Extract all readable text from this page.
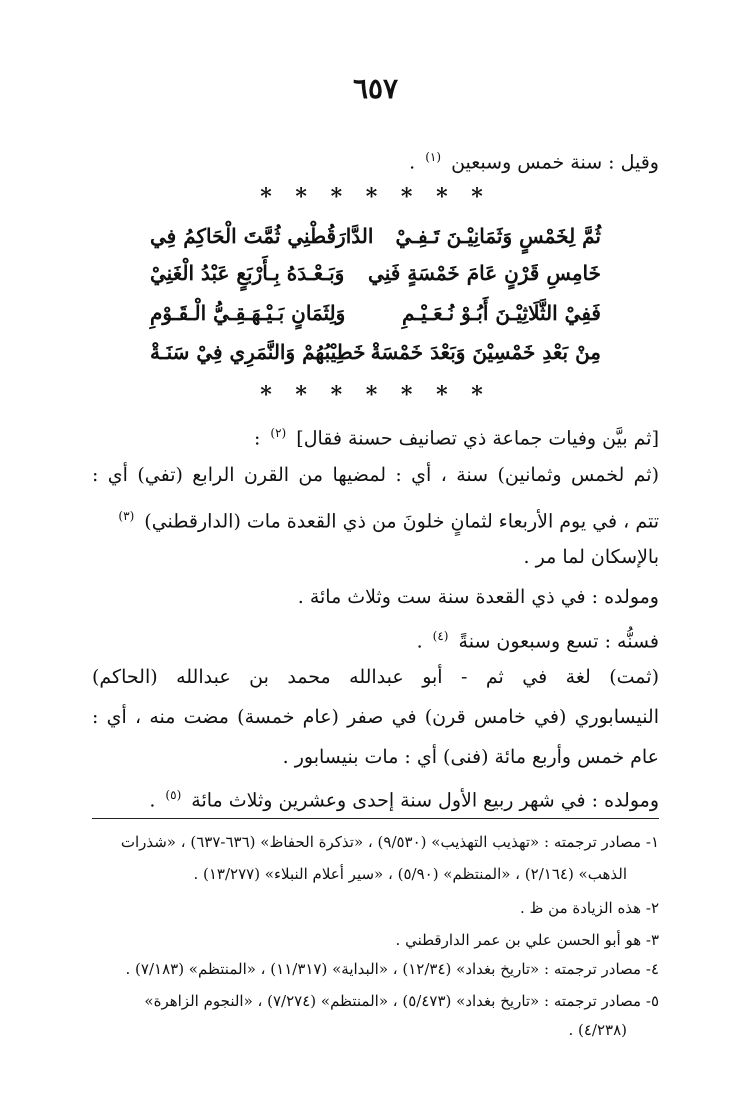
٦٥٧
وقيل : سنة خمس وسبعين $^{(١)}$ .
* * * * * * *
ثُمَّ لِخَمْسٍ وَثَمَانِيْـنَ تَـفِـيْ
الدَّارَقُطْنِي ثُمَّتَ الْحَاكِمُ فِي
خَامِسِ قَرْنٍ عَامَ خَمْسَةٍ فَنِي
وَبَـعْـدَهُ بِـأَرْبَعٍ عَبْدُ الْغَنِيْ
فَفِيْ الثَّلَاثِيْـنَ أَبُـوْ نُـعَـيْـمِ
وَلِثَمَانٍ بَـيْـهَـقِـيُّ الْـقَـوْمِ
مِنْ بَعْدِ خَمْسِيْنَ وَبَعْدَ خَمْسَةْ
خَطِيْبُهُمْ وَالنَّمَرِي فِيْ سَنَـةْ
* * * * * * *
[ثم بيَّن وفيات جماعة ذي تصانيف حسنة فقال] $^{(٢)}$ :
(ثم لخمس وثمانين) سنة ، أي : لمضيها من القرن الرابع (تفي) أي :
تتم ، في يوم الأربعاء لثمانٍ خلونَ من ذي القعدة مات (الدارقطني) $^{(٣)}$
بالإسكان لما مر .
ومولده : في ذي القعدة سنة ست وثلاث مائة .
فسنُّه : تسع وسبعون سنةً $^{(٤)}$ .
(ثمت) لغة في ثم - أبو عبدالله محمد بن عبدالله (الحاكم)
النيسابوري (في خامس قرن) في صفر (عام خمسة) مضت منه ، أي :
عام خمس وأربع مائة (فنى) أي : مات بنيسابور .
ومولده : في شهر ربيع الأول سنة إحدى وعشرين وثلاث مائة $^{(٥)}$ .
١- مصادر ترجمته : «تهذيب التهذيب» (٩/٥٣٠) ، «تذكرة الحفاظ» (٦٣٦-٦٣٧) ، «شذرات
الذهب» (٢/١٦٤) ، «المنتظم» (٥/٩٠) ، «سير أعلام النبلاء» (١٣/٢٧٧) .
٢- هذه الزيادة من ظ .
٣- هو أبو الحسن علي بن عمر الدارقطني .
٤- مصادر ترجمته : «تاريخ بغداد» (١٢/٣٤) ، «البداية» (١١/٣١٧) ، «المنتظم» (٧/١٨٣) .
٥- مصادر ترجمته : «تاريخ بغداد» (٥/٤٧٣) ، «المنتظم» (٧/٢٧٤) ، «النجوم الزاهرة»
(٤/٢٣٨) .
